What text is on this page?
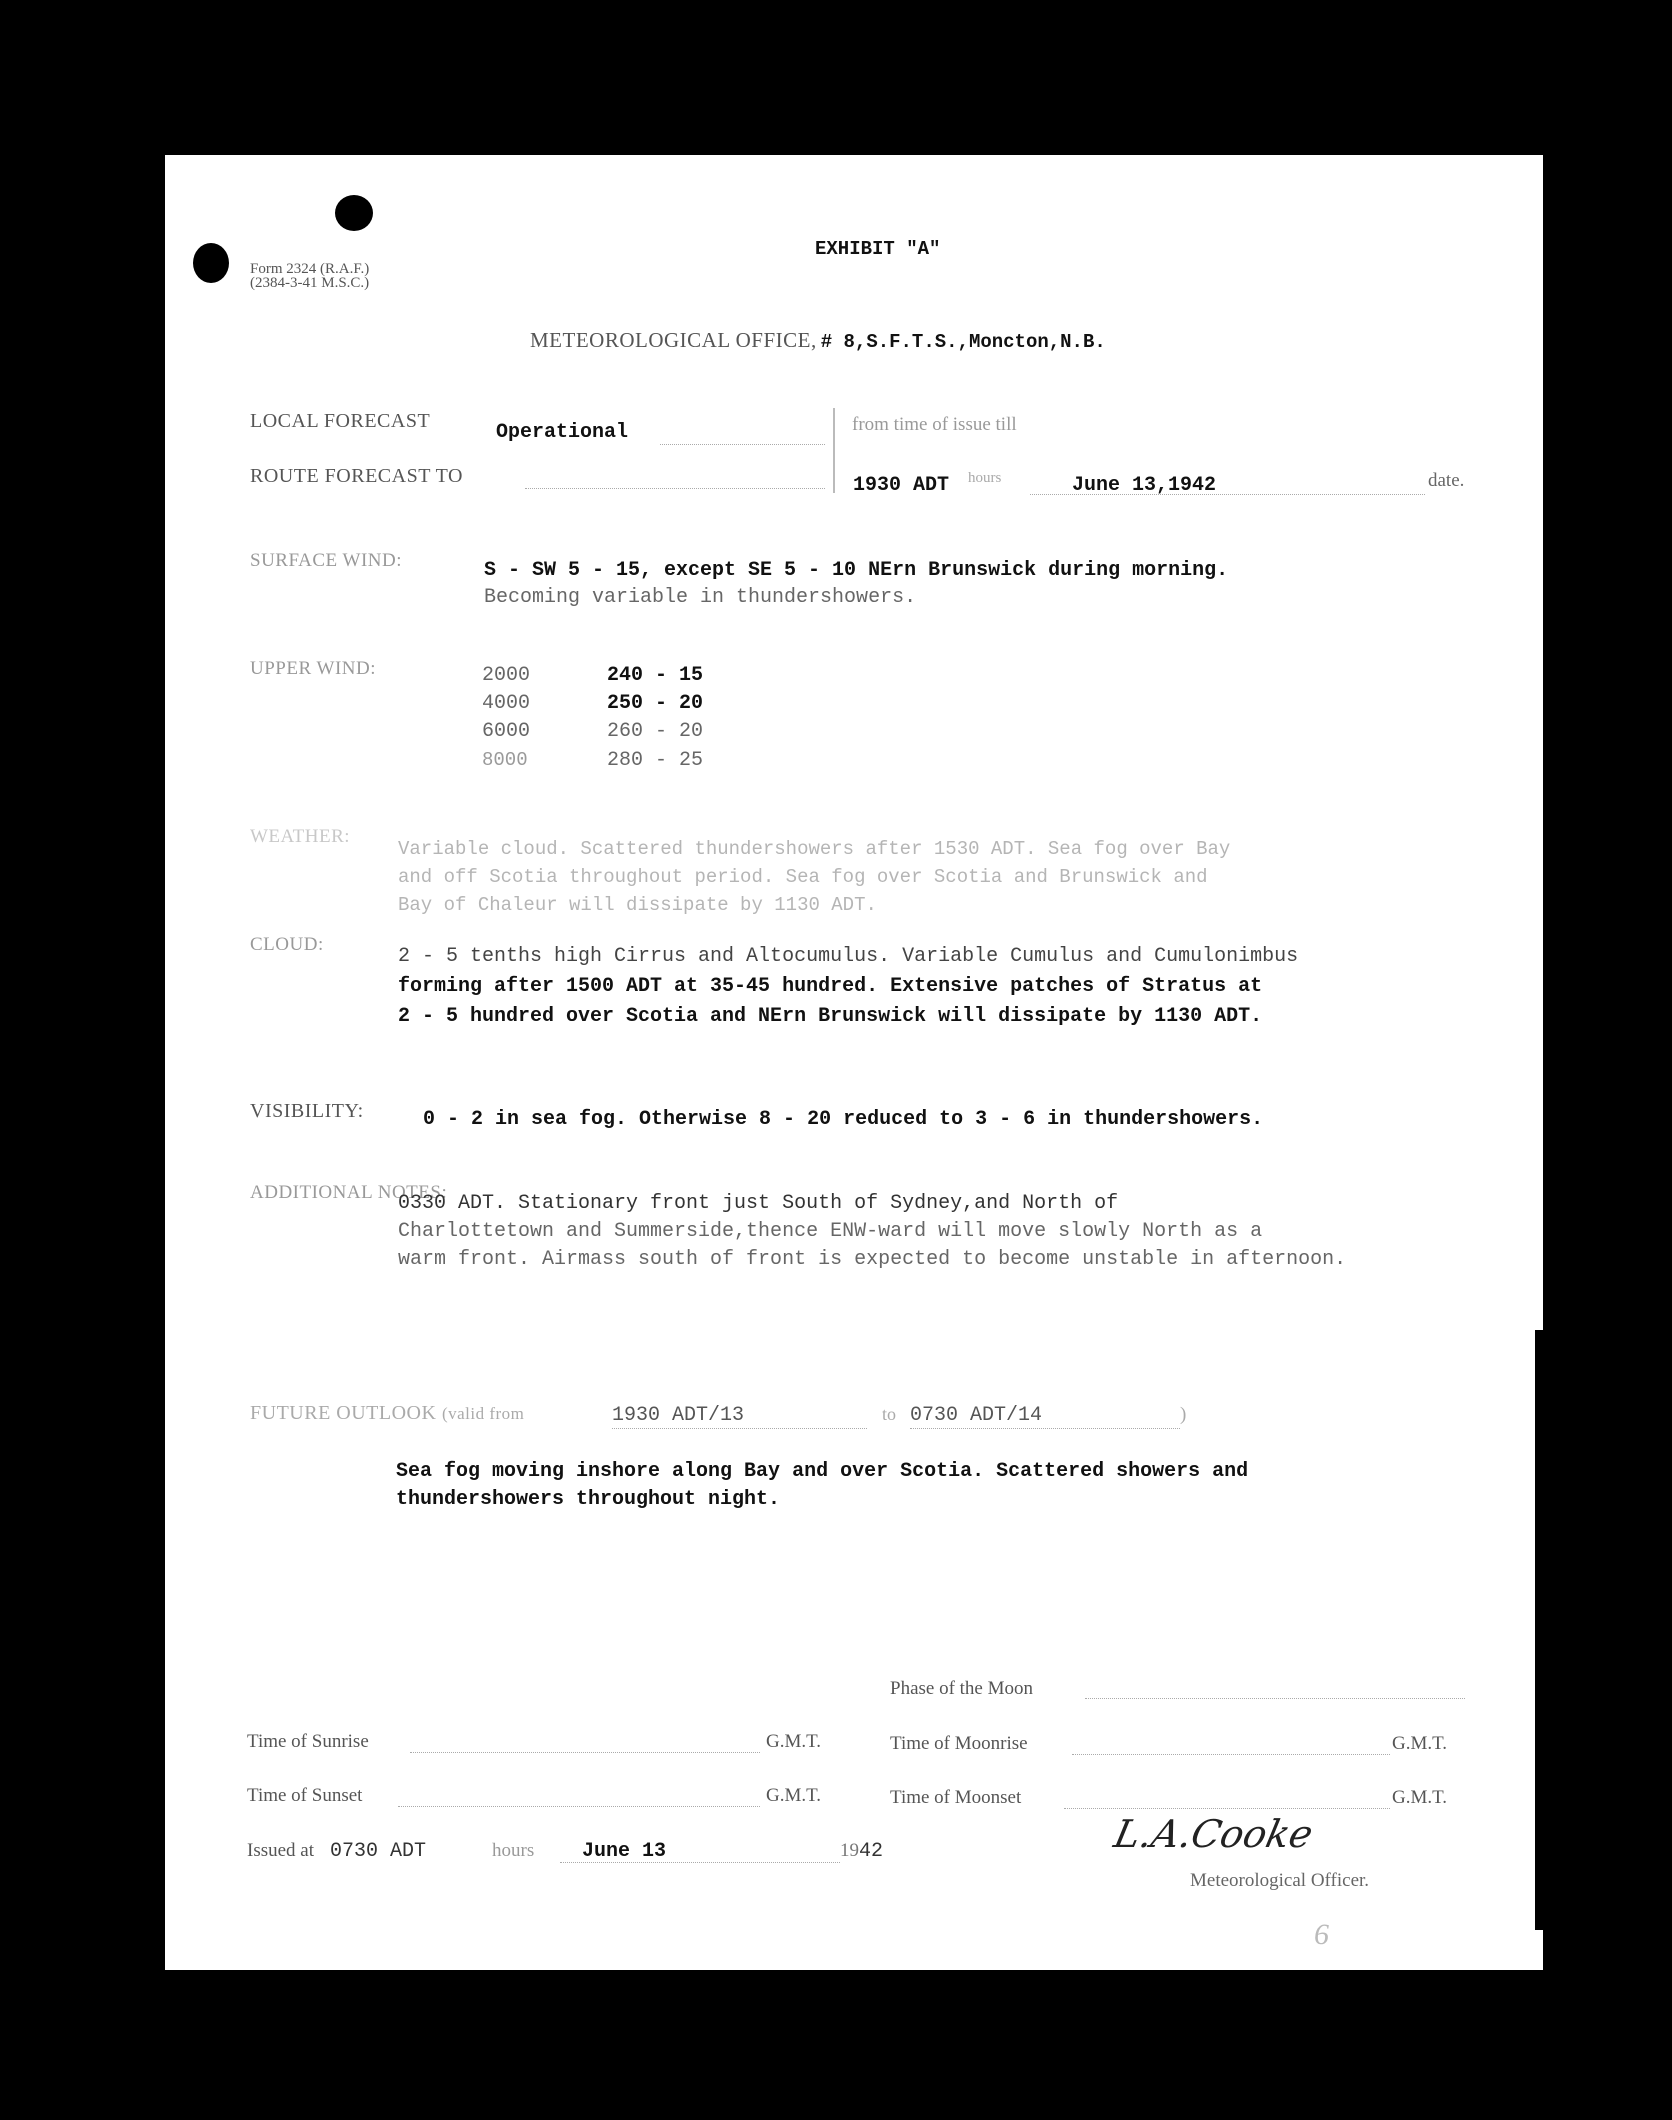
Form 2324 (R.A.F.)
(2384-3-41 M.S.C.)
EXHIBIT "A"
METEOROLOGICAL OFFICE, # 8,S.F.T.S.,Moncton,N.B.
LOCAL FORECAST	Operational
ROUTE FORECAST TO
from time of issue till
1930 ADT hours	June 13,1942	date.
SURFACE WIND:	S - SW 5 - 15, except SE 5 - 10 NErn Brunswick during morning.
Becoming variable in thundershowers.
UPPER WIND:	2000	240 - 15
4000	250 - 20
6000	260 - 20
8000	280 - 25
WEATHER:
Variable cloud. Scattered thundershowers after 1530 ADT. Sea fog over Bay
and off Scotia throughout period. Sea fog over Scotia and Brunswick and
Bay of Chaleur will dissipate by 1130 ADT.
CLOUD:
2 - 5 tenths high Cirrus and Altocumulus. Variable Cumulus and Cumulonimbus
forming after 1500 ADT at 35-45 hundred. Extensive patches of Stratus at
2 - 5 hundred over Scotia and NErn Brunswick will dissipate by 1130 ADT.
VISIBILITY:	0 - 2 in sea fog. Otherwise 8 - 20 reduced to 3 - 6 in thundershowers.
ADDITIONAL NOTES:
0330 ADT. Stationary front just South of Sydney,and North of
Charlottetown and Summerside,thence ENW-ward will move slowly North as a
warm front. Airmass south of front is expected to become unstable in afternoon.
FUTURE OUTLOOK (valid from	1930 ADT/13	to 0730 ADT/14	)
Sea fog moving inshore along Bay and over Scotia. Scattered showers and
thundershowers throughout night.
Phase of the Moon
Time of Sunrise	G.M.T.	Time of Moonrise	G.M.T.
Time of Sunset	G.M.T.	Time of Moonset	G.M.T.
Issued at 0730 ADT	hours June 13	1942	L.A.Cooke
Meteorological Officer.
6
